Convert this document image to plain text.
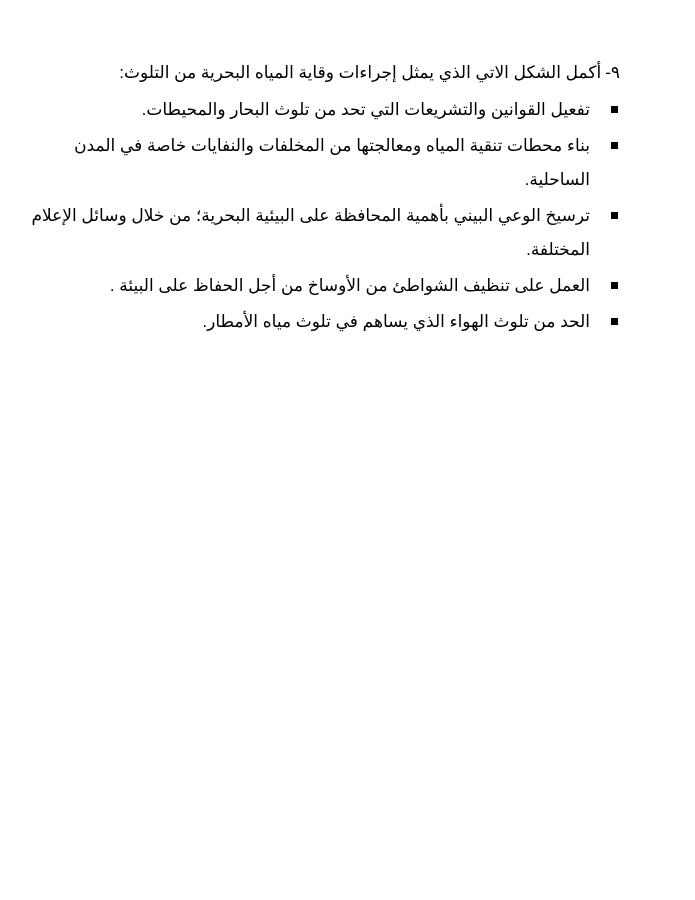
٩-أكمل الشكل الاتي الذي يمثل إجراءات وقاية المياه البحرية من التلوث:

تفعيل القوانين والتشريعات التي تحد من تلوث البحار والمحيطات.
بناء محطات تنقية المياه ومعالجتها من المخلفات والنفايات خاصة في المدن الساحلية.
ترسيخ الوعي البيني بأهمية المحافظة على البيئية البحرية؛ من خلال وسائل الإعلام المختلفة.
العمل على تنظيف الشواطئ من الأوساخ من أجل الحفاظ على البيئة .
الحد من تلوث الهواء الذي يساهم في تلوث مياه الأمطار.
